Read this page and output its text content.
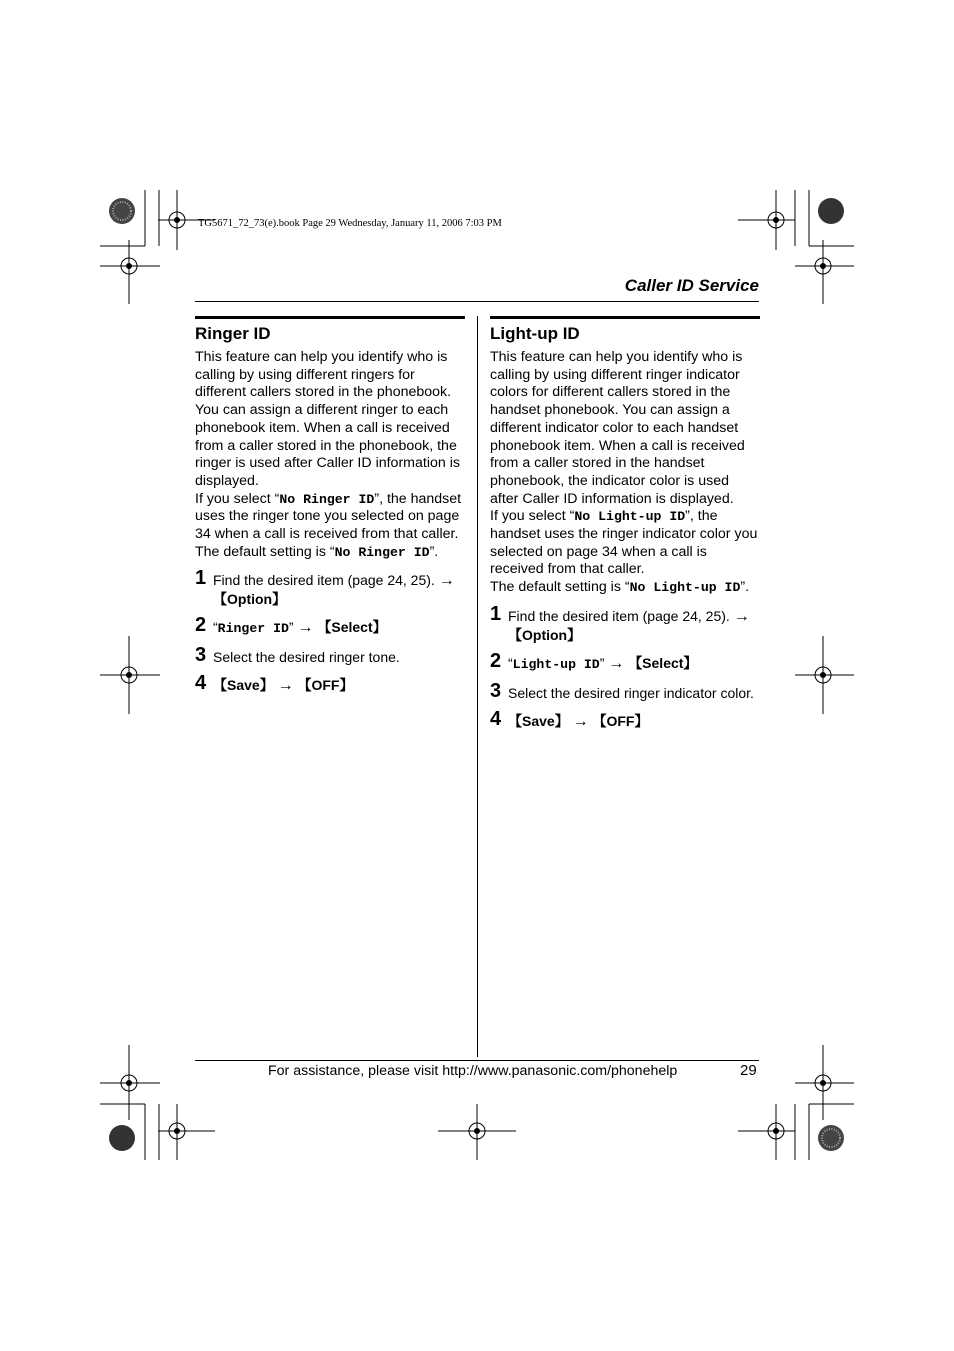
TG5671_72_73(e).book Page 29 Wednesday, January 11, 2006 7:03 PM
Caller ID Service
Ringer ID

This feature can help you identify who is calling by using different ringers for different callers stored in the phonebook. You can assign a different ringer to each phonebook item. When a call is received from a caller stored in the phonebook, the ringer is used after Caller ID information is displayed.

If you select “No Ringer ID”, the handset uses the ringer tone you selected on page 34 when a call is received from that caller. The default setting is “No Ringer ID”.

1 Find the desired item (page 24, 25). →
【Option】
2 “Ringer ID” → 【Select】
3 Select the desired ringer tone.
4 【Save】 → 【OFF】
Light-up ID

This feature can help you identify who is calling by using different ringer indicator colors for different callers stored in the handset phonebook. You can assign a different indicator color to each handset phonebook item. When a call is received from a caller stored in the handset phonebook, the indicator color is used after Caller ID information is displayed.

If you select “No Light-up ID”, the handset uses the ringer indicator color you selected on page 34 when a call is received from that caller.

The default setting is “No Light-up ID”.

1 Find the desired item (page 24, 25). →
【Option】
2 “Light-up ID” → 【Select】
3 Select the desired ringer indicator color.
4 【Save】 → 【OFF】
For assistance, please visit http://www.panasonic.com/phonehelp	29
